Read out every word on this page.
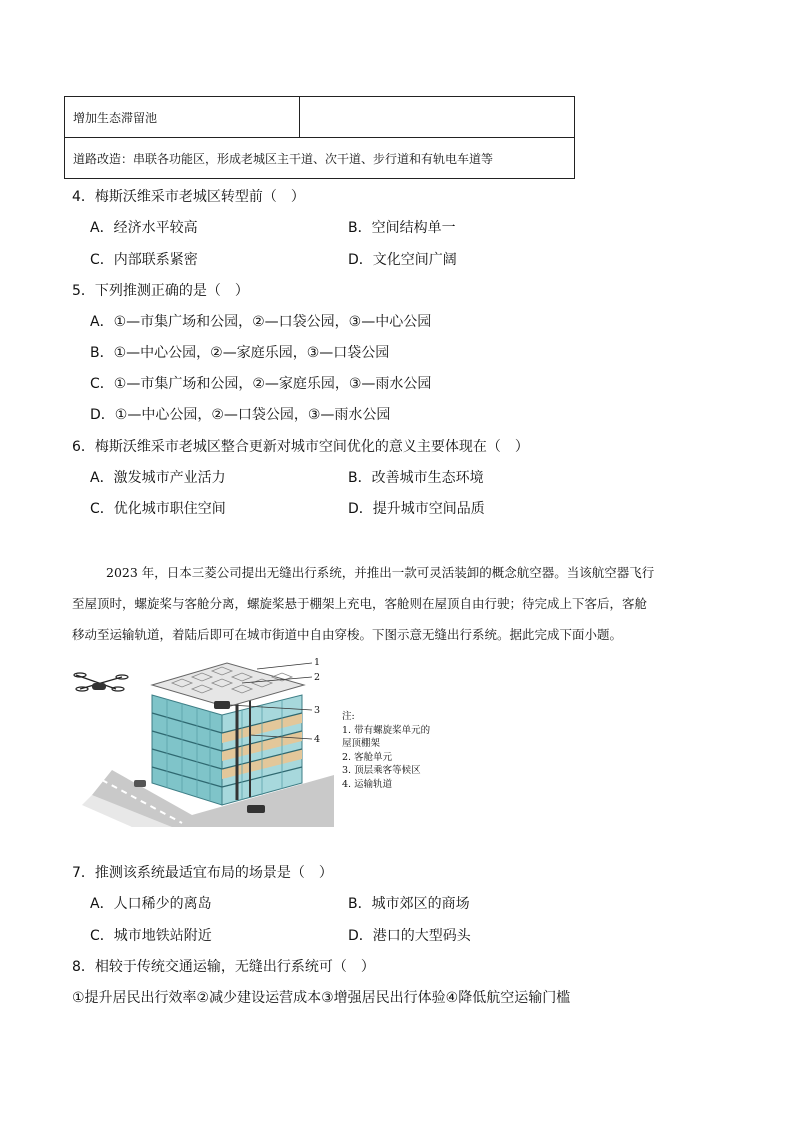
增加生态滞留池	
道路改造：串联各功能区，形成老城区主干道、次干道、步行道和有轨电车道等
4．梅斯沃维采市老城区转型前（　）
A．经济水平较高	B．空间结构单一
C．内部联系紧密	D．文化空间广阔
5．下列推测正确的是（　）
A．①—市集广场和公园，②—口袋公园，③—中心公园
B．①—中心公园，②—家庭乐园，③—口袋公园
C．①—市集广场和公园，②—家庭乐园，③—雨水公园
D．①—中心公园，②—口袋公园，③—雨水公园
6．梅斯沃维采市老城区整合更新对城市空间优化的意义主要体现在（　）
A．激发城市产业活力	B．改善城市生态环境
C．优化城市职住空间	D．提升城市空间品质
2023 年，日本三菱公司提出无缝出行系统，并推出一款可灵活装卸的概念航空器。当该航空器飞行
至屋顶时，螺旋桨与客舱分离，螺旋桨悬于棚架上充电，客舱则在屋顶自由行驶；待完成上下客后，客舱
移动至运输轨道，着陆后即可在城市街道中自由穿梭。下图示意无缝出行系统。据此完成下面小题。
1
2
3
4
注:
1. 带有螺旋桨单元的
屋顶棚架
2. 客舱单元
3. 顶层乘客等候区
4. 运输轨道
7．推测该系统最适宜布局的场景是（　）
A．人口稀少的离岛	B．城市郊区的商场
C．城市地铁站附近	D．港口的大型码头
8．相较于传统交通运输，无缝出行系统可（　）
①提升居民出行效率②减少建设运营成本③增强居民出行体验④降低航空运输门槛
